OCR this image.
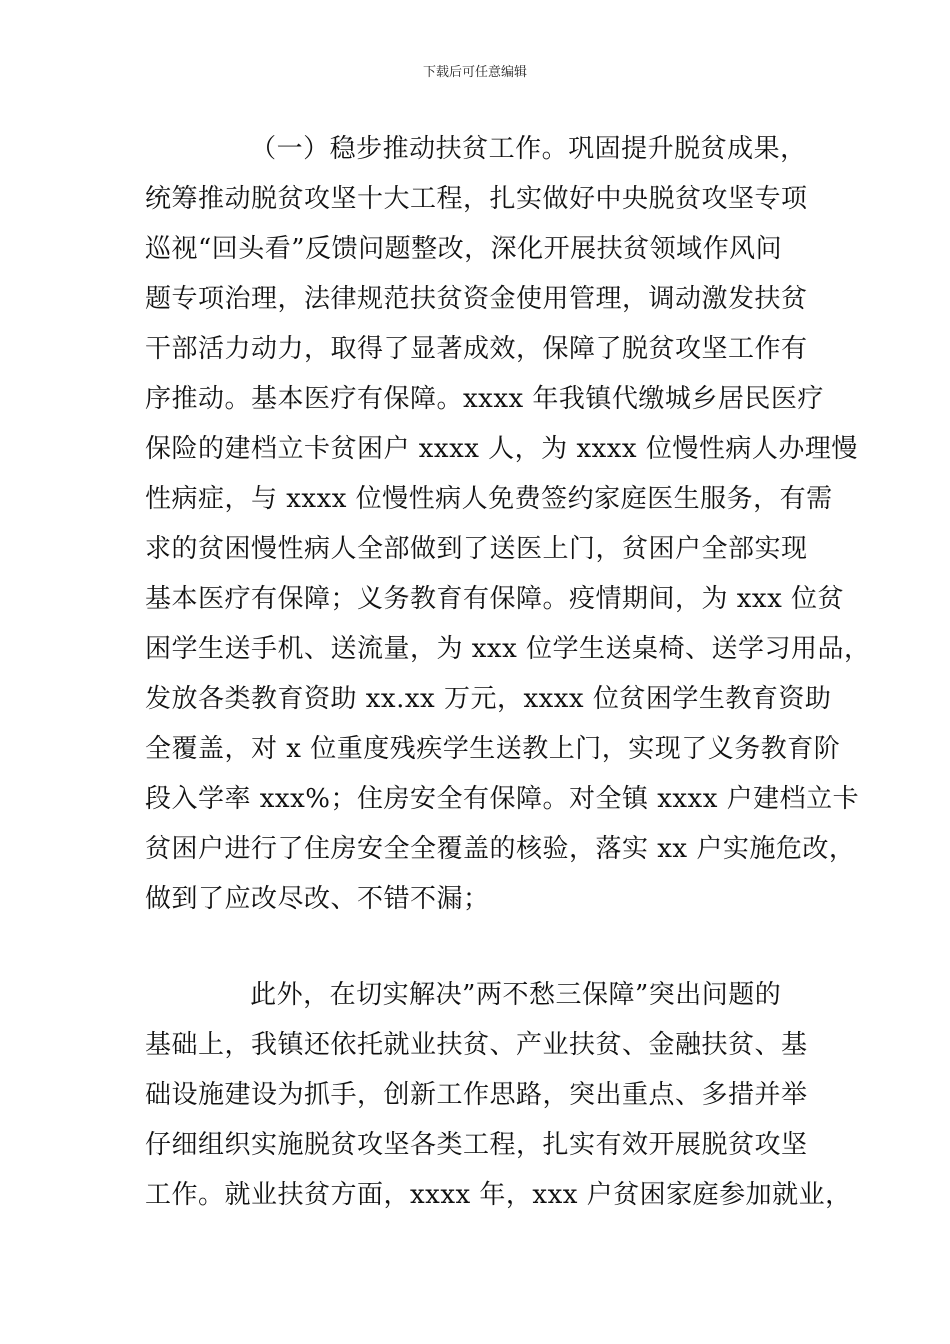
下载后可任意编辑
（一）稳步推动扶贫工作。巩固提升脱贫成果，
统筹推动脱贫攻坚十大工程，扎实做好中央脱贫攻坚专项
巡视“回头看”反馈问题整改，深化开展扶贫领域作风问
题专项治理，法律规范扶贫资金使用管理，调动激发扶贫
干部活力动力，取得了显著成效，保障了脱贫攻坚工作有
序推动。基本医疗有保障。xxxx 年我镇代缴城乡居民医疗
保险的建档立卡贫困户 xxxx 人，为 xxxx 位慢性病人办理慢
性病症，与 xxxx 位慢性病人免费签约家庭医生服务，有需
求的贫困慢性病人全部做到了送医上门，贫困户全部实现
基本医疗有保障；义务教育有保障。疫情期间，为 xxx 位贫
困学生送手机、送流量，为 xxx 位学生送桌椅、送学习用品，
发放各类教育资助 xx.xx 万元，xxxx 位贫困学生教育资助
全覆盖，对 x 位重度残疾学生送教上门，实现了义务教育阶
段入学率 xxx%；住房安全有保障。对全镇 xxxx 户建档立卡
贫困户进行了住房安全全覆盖的核验，落实 xx 户实施危改，
做到了应改尽改、不错不漏；
此外，在切实解决”两不愁三保障”突出问题的
基础上，我镇还依托就业扶贫、产业扶贫、金融扶贫、基
础设施建设为抓手，创新工作思路，突出重点、多措并举
仔细组织实施脱贫攻坚各类工程，扎实有效开展脱贫攻坚
工作。就业扶贫方面，xxxx 年，xxx 户贫困家庭参加就业，
